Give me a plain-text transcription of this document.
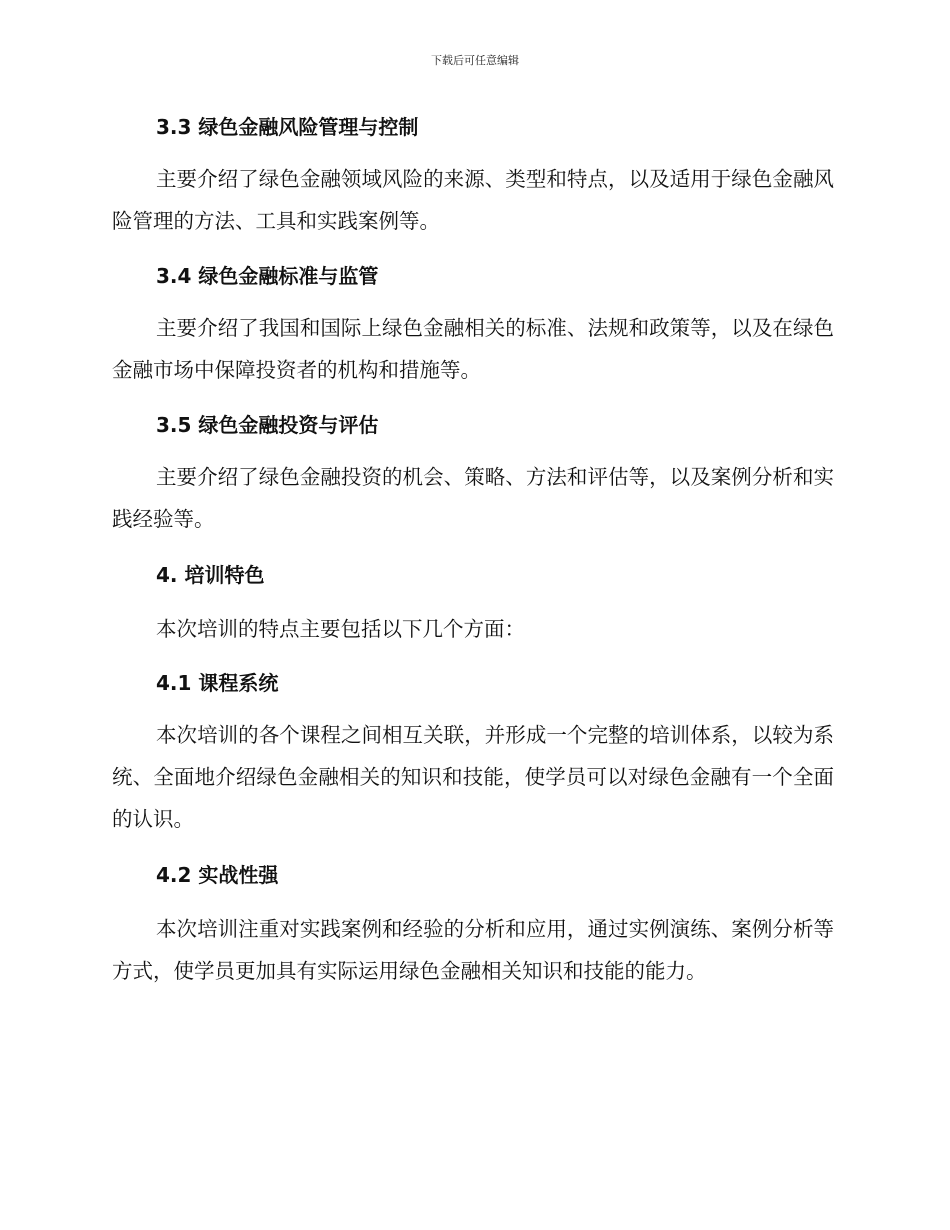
下载后可任意编辑
3.3 绿色金融风险管理与控制

主要介绍了绿色金融领域风险的来源、类型和特点，以及适用于绿色金融风险管理的方法、工具和实践案例等。

3.4 绿色金融标准与监管

主要介绍了我国和国际上绿色金融相关的标准、法规和政策等，以及在绿色金融市场中保障投资者的机构和措施等。

3.5 绿色金融投资与评估

主要介绍了绿色金融投资的机会、策略、方法和评估等，以及案例分析和实践经验等。

4. 培训特色

本次培训的特点主要包括以下几个方面：

4.1 课程系统

本次培训的各个课程之间相互关联，并形成一个完整的培训体系，以较为系统、全面地介绍绿色金融相关的知识和技能，使学员可以对绿色金融有一个全面的认识。

4.2 实战性强

本次培训注重对实践案例和经验的分析和应用，通过实例演练、案例分析等方式，使学员更加具有实际运用绿色金融相关知识和技能的能力。
